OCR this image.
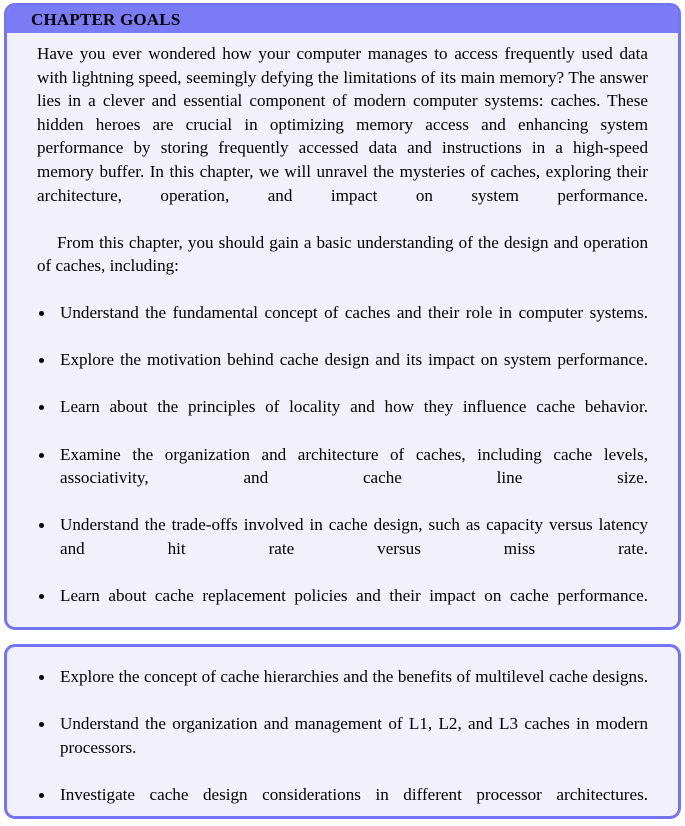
CHAPTER GOALS

Have you ever wondered how your computer manages to access frequently used data with lightning speed, seemingly defying the limitations of its main memory? The answer lies in a clever and essential component of modern computer systems: caches. These hidden heroes are crucial in optimizing memory access and enhancing system performance by storing frequently accessed data and instructions in a high-speed memory buffer. In this chapter, we will unravel the mysteries of caches, exploring their architecture, operation, and impact on system performance.

From this chapter, you should gain a basic understanding of the design and operation of caches, including:

Understand the fundamental concept of caches and their role in computer systems.
Explore the motivation behind cache design and its impact on system performance.
Learn about the principles of locality and how they influence cache behavior.
Examine the organization and architecture of caches, including cache levels, associativity, and cache line size.
Understand the trade-offs involved in cache design, such as capacity versus latency and hit rate versus miss rate.
Learn about cache replacement policies and their impact on cache performance.
Explore the concept of cache hierarchies and the benefits of multilevel cache designs.
Understand the organization and management of L1, L2, and L3 caches in modern processors.
Investigate cache design considerations in different processor architectures.
